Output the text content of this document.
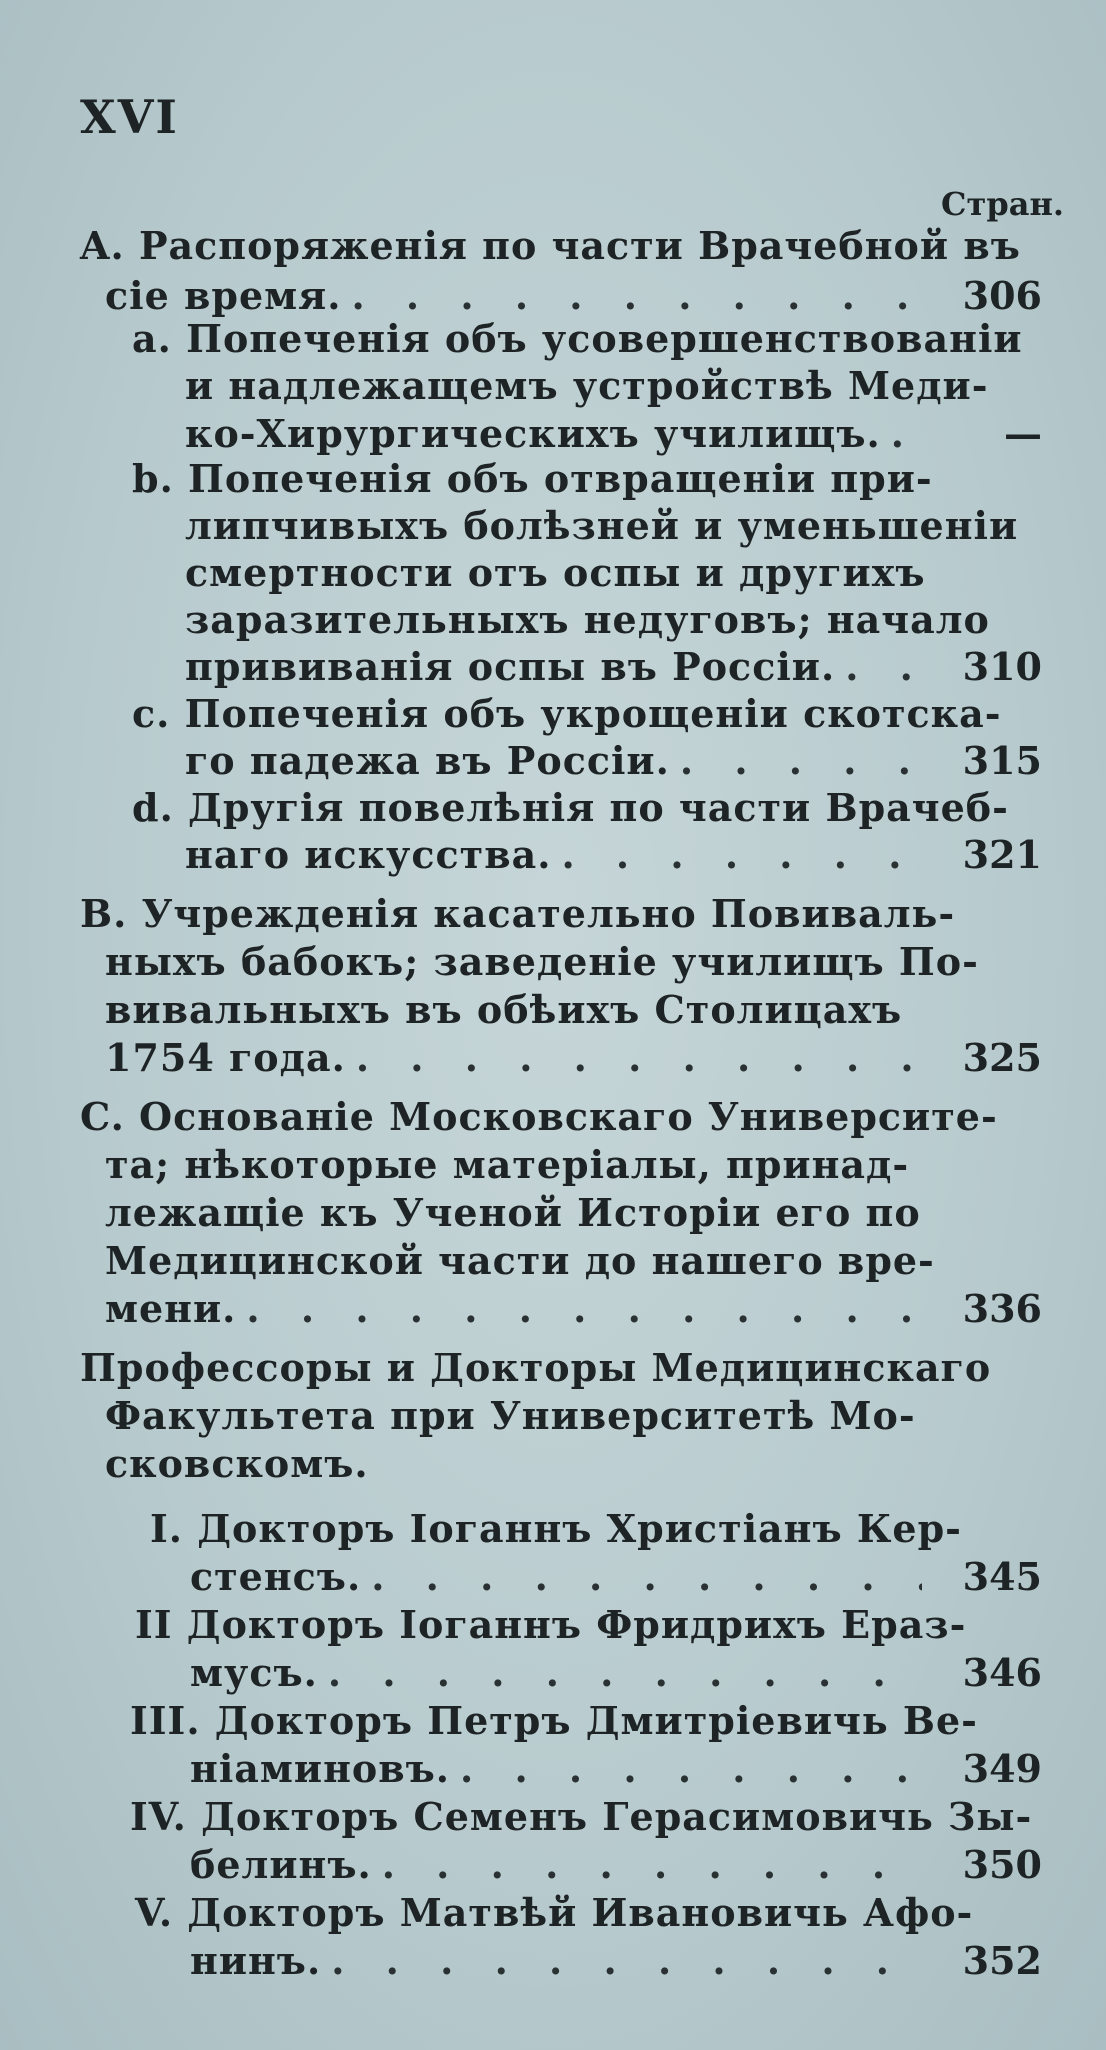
XVI
Стран.
A. Распоряженія по части Врачебной въ
сіе время. . . .	306
a. Попеченія объ усовершенствованіи
и надлежащемъ устройствѣ Меди-
ко-Хирургическихъ училищъ. . . .	—
b. Попеченія объ отвращеніи при-
липчивыхъ болѣзней и уменьшеніи
смертности отъ оспы и другихъ
заразительныхъ недуговъ; начало
прививанія оспы въ Россіи. . . .	310
c. Попеченія объ укрощеніи скотска-
го падежа въ Россіи. . . .	315
d. Другія повелѣнія по части Врачеб-
наго искусства. . . .	321
B. Учрежденія касательно Повиваль-
ныхъ бабокъ; заведеніе училищъ По-
вивальныхъ въ обѣихъ Столицахъ
1754 года. . . .	325
C. Основаніе Московскаго Университе-
та; нѣкоторые матеріалы, принад-
лежащіе къ Ученой Исторіи его по
Медицинской части до нашего вре-
мени. . . .	336
Профессоры и Докторы Медицинскаго
Факультета при Университетѣ Мо-
сковскомъ.
I. Докторъ Іоганнъ Христіанъ Кер-
стенсъ. . . .	345
II Докторъ Іоганнъ Фридрихъ Ераз-
мусъ. . . .	346
III. Докторъ Петръ Дмитріевичь Ве-
ніаминовъ. . . .	349
IV. Докторъ Семенъ Герасимовичь Зы-
белинъ. . . .	350
V. Докторъ Матвѣй Ивановичь Афо-
нинъ. . . .	352
